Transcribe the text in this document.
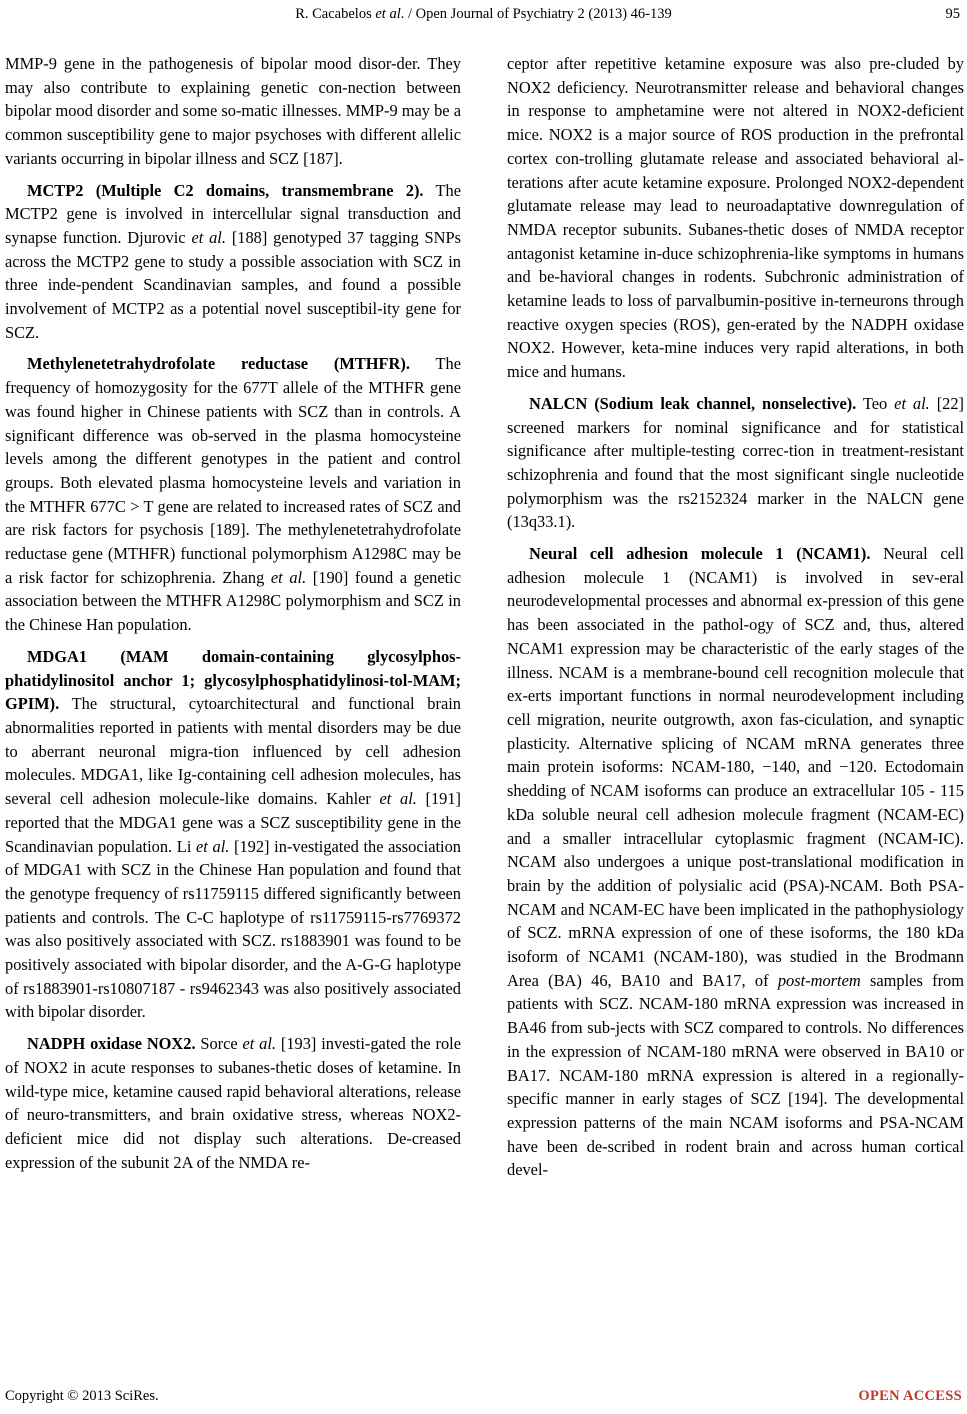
R. Cacabelos et al. / Open Journal of Psychiatry 2 (2013) 46-139	95

MMP-9 gene in the pathogenesis of bipolar mood disor-der. They may also contribute to explaining genetic con-nection between bipolar mood disorder and some so-matic illnesses. MMP-9 may be a common susceptibility gene to major psychoses with different allelic variants occurring in bipolar illness and SCZ [187].

MCTP2 (Multiple C2 domains, transmembrane 2). The MCTP2 gene is involved in intercellular signal transduction and synapse function. Djurovic et al. [188] genotyped 37 tagging SNPs across the MCTP2 gene to study a possible association with SCZ in three inde-pendent Scandinavian samples, and found a possible involvement of MCTP2 as a potential novel susceptibil-ity gene for SCZ.

Methylenetetrahydrofolate reductase (MTHFR). The frequency of homozygosity for the 677T allele of the MTHFR gene was found higher in Chinese patients with SCZ than in controls. A significant difference was ob-served in the plasma homocysteine levels among the different genotypes in the patient and control groups. Both elevated plasma homocysteine levels and variation in the MTHFR 677C > T gene are related to increased rates of SCZ and are risk factors for psychosis [189]. The methylenetetrahydrofolate reductase gene (MTHFR) functional polymorphism A1298C may be a risk factor for schizophrenia. Zhang et al. [190] found a genetic association between the MTHFR A1298C polymorphism and SCZ in the Chinese Han population.

MDGA1 (MAM domain-containing glycosylphos-phatidylinositol anchor 1; glycosylphosphatidylinosi-tol-MAM; GPIM). The structural, cytoarchitectural and functional brain abnormalities reported in patients with mental disorders may be due to aberrant neuronal migra-tion influenced by cell adhesion molecules. MDGA1, like Ig-containing cell adhesion molecules, has several cell adhesion molecule-like domains. Kahler et al. [191] reported that the MDGA1 gene was a SCZ susceptibility gene in the Scandinavian population. Li et al. [192] in-vestigated the association of MDGA1 with SCZ in the Chinese Han population and found that the genotype frequency of rs11759115 differed significantly between patients and controls. The C-C haplotype of rs11759115-rs7769372 was also positively associated with SCZ. rs1883901 was found to be positively associated with bipolar disorder, and the A-G-G haplotype of rs1883901-rs10807187 - rs9462343 was also positively associated with bipolar disorder.

NADPH oxidase NOX2. Sorce et al. [193] investi-gated the role of NOX2 in acute responses to subanes-thetic doses of ketamine. In wild-type mice, ketamine caused rapid behavioral alterations, release of neuro-transmitters, and brain oxidative stress, whereas NOX2-deficient mice did not display such alterations. De-creased expression of the subunit 2A of the NMDA re-

ceptor after repetitive ketamine exposure was also pre-cluded by NOX2 deficiency. Neurotransmitter release and behavioral changes in response to amphetamine were not altered in NOX2-deficient mice. NOX2 is a major source of ROS production in the prefrontal cortex con-trolling glutamate release and associated behavioral al-terations after acute ketamine exposure. Prolonged NOX2-dependent glutamate release may lead to neuroadaptative downregulation of NMDA receptor subunits. Subanes-thetic doses of NMDA receptor antagonist ketamine in-duce schizophrenia-like symptoms in humans and be-havioral changes in rodents. Subchronic administration of ketamine leads to loss of parvalbumin-positive in-terneurons through reactive oxygen species (ROS), gen-erated by the NADPH oxidase NOX2. However, keta-mine induces very rapid alterations, in both mice and humans.

NALCN (Sodium leak channel, nonselective). Teo et al. [22] screened markers for nominal significance and for statistical significance after multiple-testing correc-tion in treatment-resistant schizophrenia and found that the most significant single nucleotide polymorphism was the rs2152324 marker in the NALCN gene (13q33.1).

Neural cell adhesion molecule 1 (NCAM1). Neural cell adhesion molecule 1 (NCAM1) is involved in sev-eral neurodevelopmental processes and abnormal ex-pression of this gene has been associated in the pathol-ogy of SCZ and, thus, altered NCAM1 expression may be characteristic of the early stages of the illness. NCAM is a membrane-bound cell recognition molecule that ex-erts important functions in normal neurodevelopment including cell migration, neurite outgrowth, axon fas-ciculation, and synaptic plasticity. Alternative splicing of NCAM mRNA generates three main protein isoforms: NCAM-180, −140, and −120. Ectodomain shedding of NCAM isoforms can produce an extracellular 105 - 115 kDa soluble neural cell adhesion molecule fragment (NCAM-EC) and a smaller intracellular cytoplasmic fragment (NCAM-IC). NCAM also undergoes a unique post-translational modification in brain by the addition of polysialic acid (PSA)-NCAM. Both PSA-NCAM and NCAM-EC have been implicated in the pathophysiology of SCZ. mRNA expression of one of these isoforms, the 180 kDa isoform of NCAM1 (NCAM-180), was studied in the Brodmann Area (BA) 46, BA10 and BA17, of post-mortem samples from patients with SCZ. NCAM-180 mRNA expression was increased in BA46 from sub-jects with SCZ compared to controls. No differences in the expression of NCAM-180 mRNA were observed in BA10 or BA17. NCAM-180 mRNA expression is altered in a regionally-specific manner in early stages of SCZ [194]. The developmental expression patterns of the main NCAM isoforms and PSA-NCAM have been de-scribed in rodent brain and across human cortical devel-

Copyright © 2013 SciRes.	OPEN ACCESS
